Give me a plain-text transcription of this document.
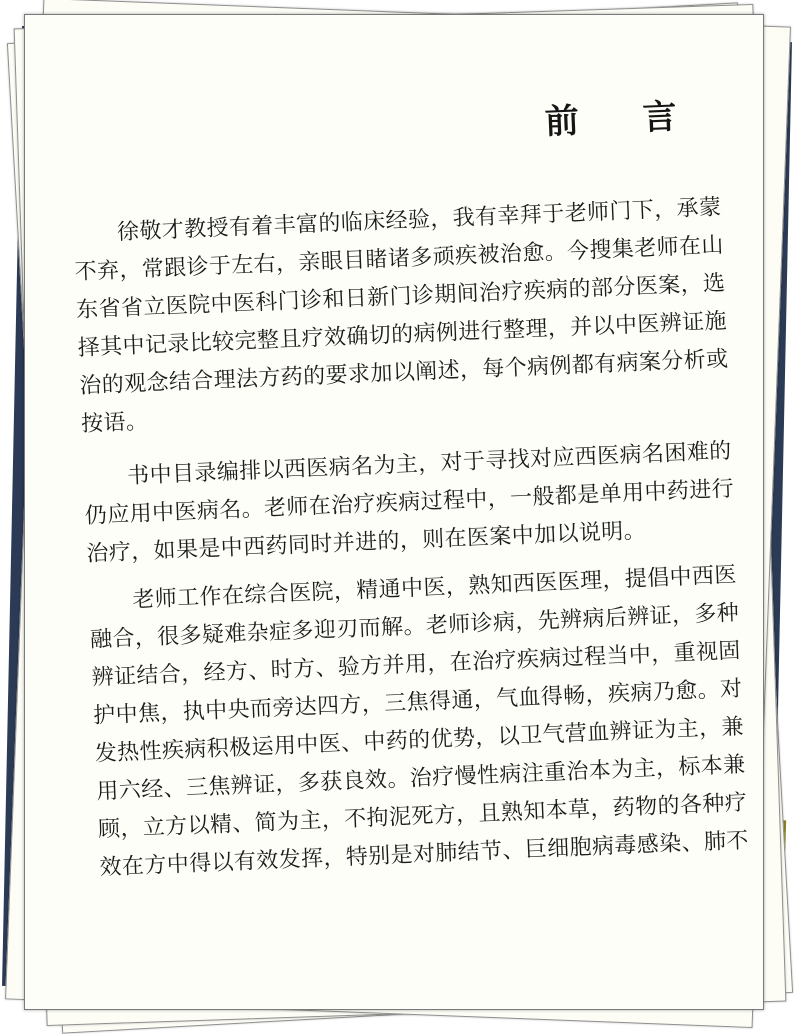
前 言
徐敬才教授有着丰富的临床经验，我有幸拜于老师门下，承蒙
不弃，常跟诊于左右，亲眼目睹诸多顽疾被治愈。今搜集老师在山
东省省立医院中医科门诊和日新门诊期间治疗疾病的部分医案，选
择其中记录比较完整且疗效确切的病例进行整理，并以中医辨证施
治的观念结合理法方药的要求加以阐述，每个病例都有病案分析或
按语。
书中目录编排以西医病名为主，对于寻找对应西医病名困难的
仍应用中医病名。老师在治疗疾病过程中，一般都是单用中药进行
治疗，如果是中西药同时并进的，则在医案中加以说明。
老师工作在综合医院，精通中医，熟知西医医理，提倡中西医
融合，很多疑难杂症多迎刃而解。老师诊病，先辨病后辨证，多种
辨证结合，经方、时方、验方并用，在治疗疾病过程当中，重视固
护中焦，执中央而旁达四方，三焦得通，气血得畅，疾病乃愈。对
发热性疾病积极运用中医、中药的优势，以卫气营血辨证为主，兼
用六经、三焦辨证，多获良效。治疗慢性病注重治本为主，标本兼
顾，立方以精、简为主，不拘泥死方，且熟知本草，药物的各种疗
效在方中得以有效发挥，特别是对肺结节、巨细胞病毒感染、肺不
